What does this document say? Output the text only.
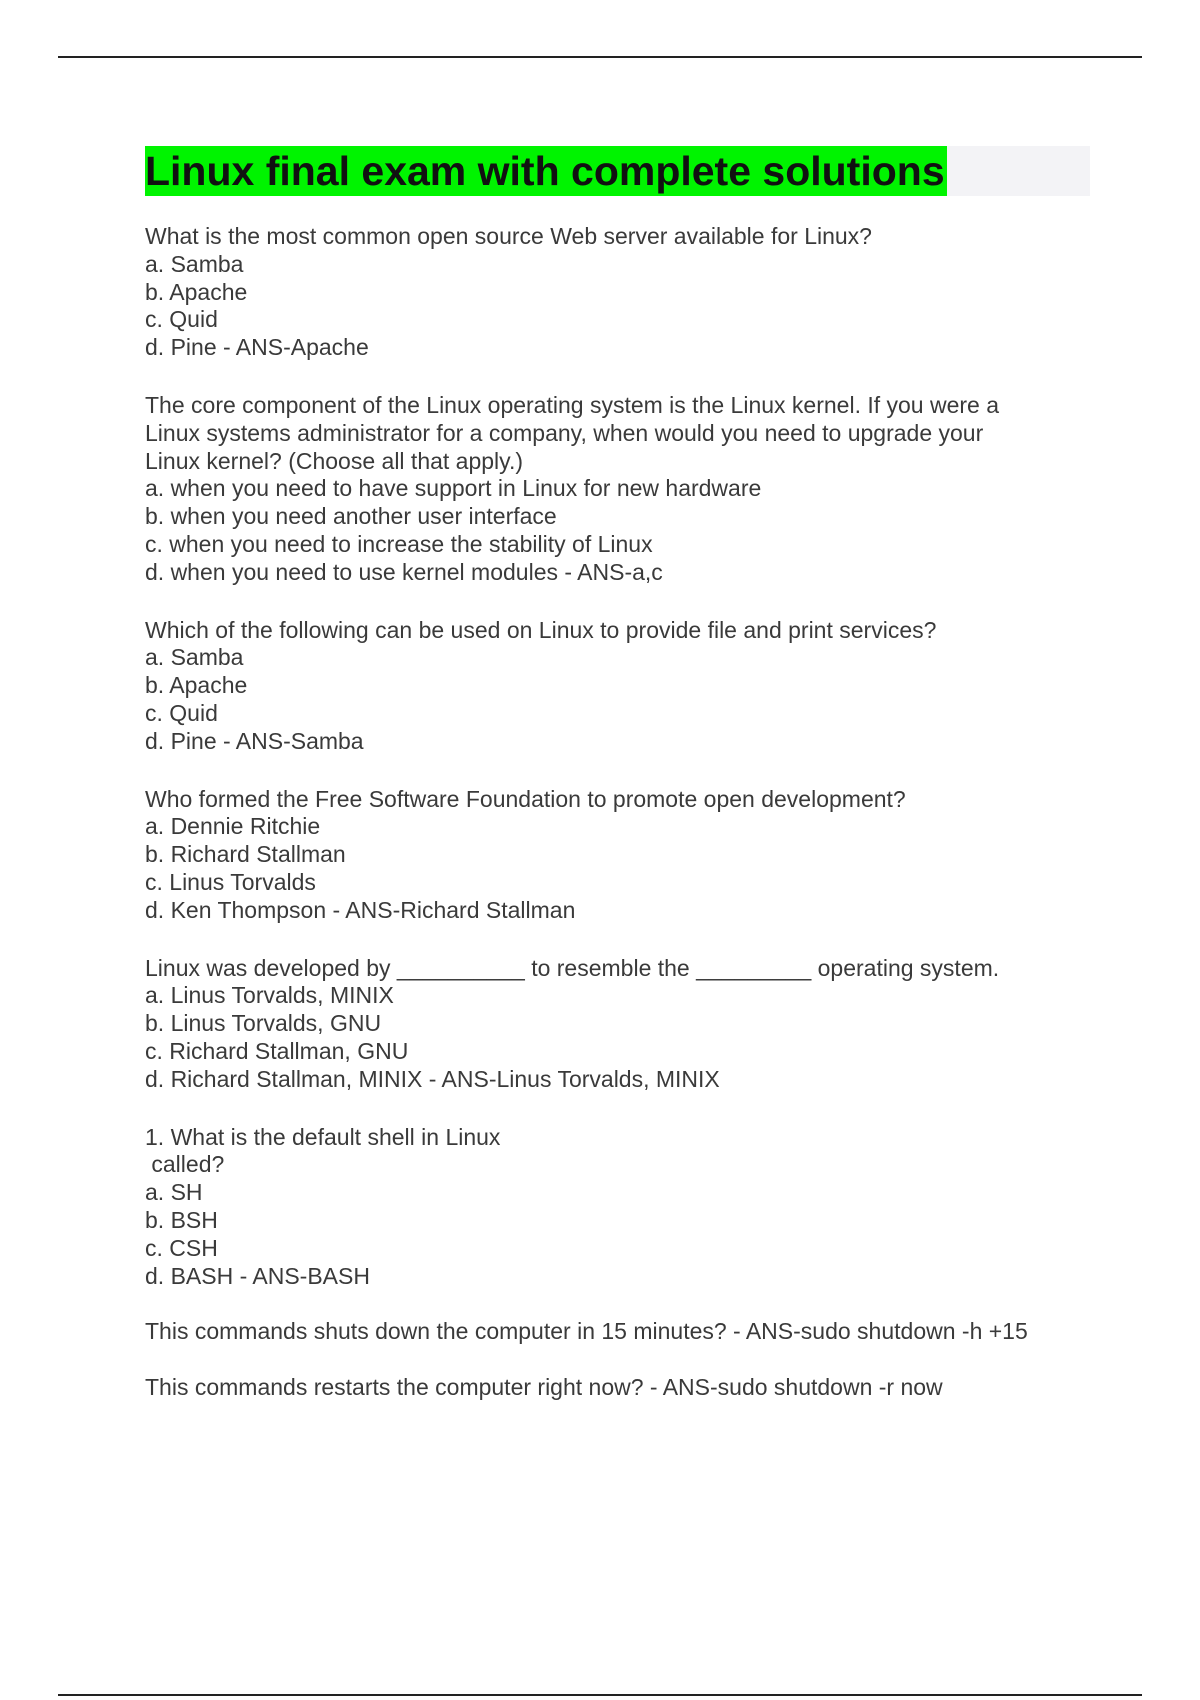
Linux final exam with complete solutions
What is the most common open source Web server available for Linux?
a. Samba
b. Apache
c. Quid
d. Pine - ANS-Apache
The core component of the Linux operating system is the Linux kernel. If you were a
Linux systems administrator for a company, when would you need to upgrade your
Linux kernel? (Choose all that apply.)
a. when you need to have support in Linux for new hardware
b. when you need another user interface
c. when you need to increase the stability of Linux
d. when you need to use kernel modules - ANS-a,c
Which of the following can be used on Linux to provide file and print services?
a. Samba
b. Apache
c. Quid
d. Pine - ANS-Samba
Who formed the Free Software Foundation to promote open development?
a. Dennie Ritchie
b. Richard Stallman
c. Linus Torvalds
d. Ken Thompson - ANS-Richard Stallman
Linux was developed by __________ to resemble the _________ operating system.
a. Linus Torvalds, MINIX
b. Linus Torvalds, GNU
c. Richard Stallman, GNU
d. Richard Stallman, MINIX - ANS-Linus Torvalds, MINIX
1. What is the default shell in Linux
called?
a. SH
b. BSH
c. CSH
d. BASH - ANS-BASH
This commands shuts down the computer in 15 minutes? - ANS-sudo shutdown -h +15
This commands restarts the computer right now? - ANS-sudo shutdown -r now
